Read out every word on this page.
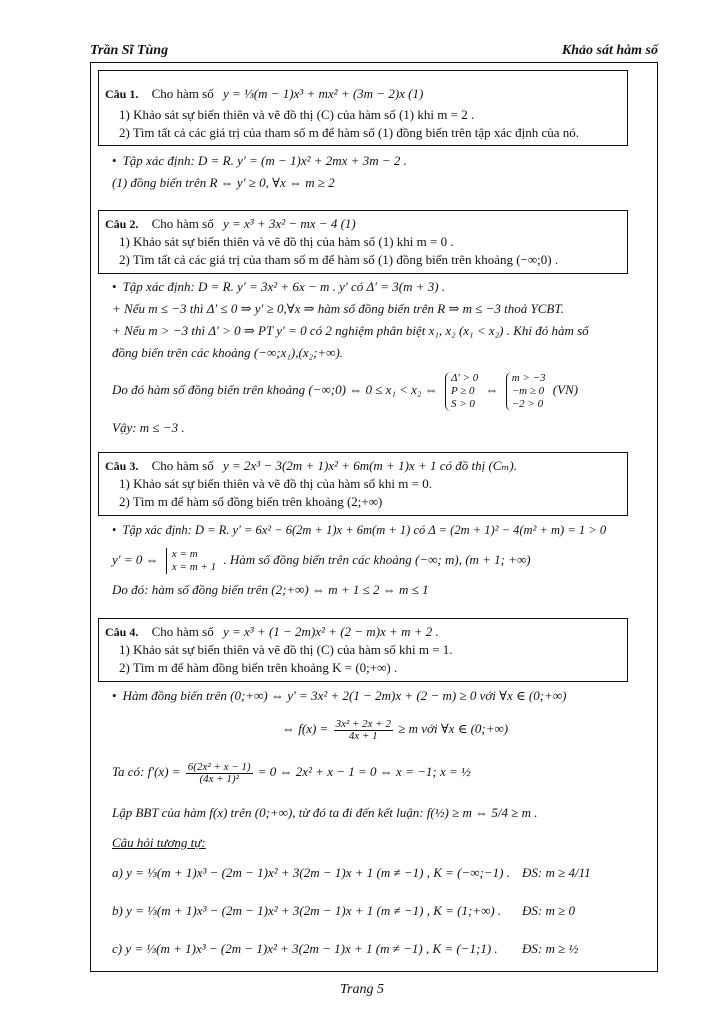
Trần Sĩ Tùng	Khảo sát hàm số
Câu 1. Cho hàm số y = ⅓(m − 1)x³ + mx² + (3m − 2)x (1)
1) Khảo sát sự biến thiên và vẽ đồ thị (C) của hàm số (1) khi m = 2 .
2) Tìm tất cả các giá trị của tham số m để hàm số (1) đồng biến trên tập xác định của nó.
• Tập xác định: D = R. y′ = (m − 1)x² + 2mx + 3m − 2 .
(1) đồng biến trên R ⇔ y′ ≥ 0, ∀x ⇔ m ≥ 2
Câu 2. Cho hàm số y = x³ + 3x² − mx − 4 (1)
1) Khảo sát sự biến thiên và vẽ đồ thị của hàm số (1) khi m = 0 .
2) Tìm tất cả các giá trị của tham số m để hàm số (1) đồng biến trên khoảng (−∞;0) .
• Tập xác định: D = R. y′ = 3x² + 6x − m . y′ có Δ′ = 3(m + 3) .
+ Nếu m ≤ −3 thì Δ′ ≤ 0 ⇒ y′ ≥ 0,∀x ⇒ hàm số đồng biến trên R ⇒ m ≤ −3 thoả YCBT.
+ Nếu m > −3 thì Δ′ > 0 ⇒ PT y′ = 0 có 2 nghiệm phân biệt x₁, x₂ (x₁ < x₂) . Khi đó hàm số
đồng biến trên các khoảng (−∞;x₁),(x₂;+∞).
Do đó hàm số đồng biến trên khoảng (−∞;0) ⇔ 0 ≤ x₁ < x₂ ⇔
Δ′ > 0
P ≥ 0
S > 0
⇔
m > −3
−m ≥ 0
−2 > 0
(VN)
Vậy: m ≤ −3 .
Câu 3. Cho hàm số y = 2x³ − 3(2m + 1)x² + 6m(m + 1)x + 1 có đồ thị (Cₘ).
1) Khảo sát sự biến thiên và vẽ đồ thị của hàm số khi m = 0.
2) Tìm m để hàm số đồng biến trên khoảng (2;+∞)
• Tập xác định: D = R. y′ = 6x² − 6(2m + 1)x + 6m(m + 1) có Δ = (2m + 1)² − 4(m² + m) = 1 > 0
y′ = 0 ⇔ x = m
x = m + 1
. Hàm số đồng biến trên các khoảng (−∞; m), (m + 1; +∞)
Do đó: hàm số đồng biến trên (2;+∞) ⇔ m + 1 ≤ 2 ⇔ m ≤ 1
Câu 4. Cho hàm số y = x³ + (1 − 2m)x² + (2 − m)x + m + 2 .
1) Khảo sát sự biến thiên và vẽ đồ thị (C) của hàm số khi m = 1.
2) Tìm m để hàm đồng biến trên khoảng K = (0;+∞) .
• Hàm đồng biến trên (0;+∞) ⇔ y′ = 3x² + 2(1 − 2m)x + (2 − m) ≥ 0 với ∀x ∈ (0;+∞)
⇔ $f(x) = \frac{\text{3x² + 2x + 2}}{4x + 1} \ge m$ với ∀x ∈ (0;+∞)
Ta có: $f'(x) = \frac{\text{6(2x² + x − 1)}}{\text{(4x + 1)²}} = 0$ ⇔ 2x² + x − 1 = 0 ⇔ x = −1; x = ½
Lập BBT của hàm f(x) trên (0;+∞), từ đó ta đi đến kết luận: f(½) ≥ m ⇔ 5/4 ≥ m .
Câu hỏi tương tự:
a) y = ⅓(m + 1)x³ − (2m − 1)x² + 3(2m − 1)x + 1 (m ≠ −1) , K = (−∞;−1) . ĐS: m ≥ 4/11
b) y = ⅓(m + 1)x³ − (2m − 1)x² + 3(2m − 1)x + 1 (m ≠ −1) , K = (1;+∞) . ĐS: m ≥ 0
c) y = ⅓(m + 1)x³ − (2m − 1)x² + 3(2m − 1)x + 1 (m ≠ −1) , K = (−1;1) . ĐS: m ≥ ½
Trang 5
